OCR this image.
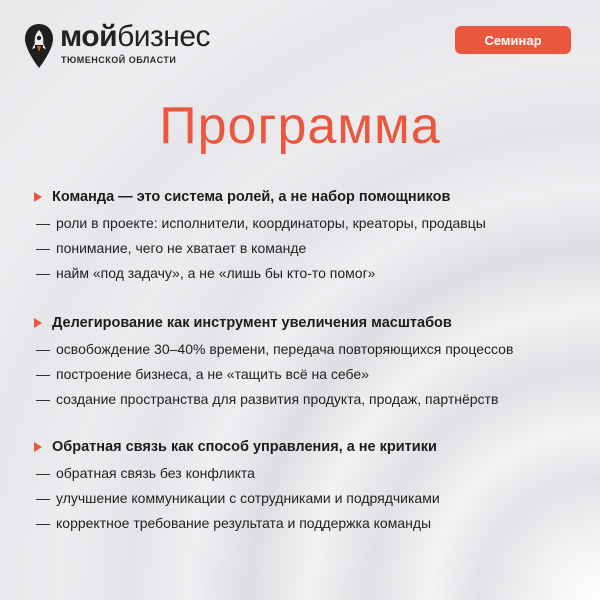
мойбизнес
ТЮМЕНСКОЙ ОБЛАСТИ
Семинар
Программа
Команда — это система ролей, а не набор помощников
— роли в проекте: исполнители, координаторы, креаторы, продавцы
— понимание, чего не хватает в команде
— найм «под задачу», а не «лишь бы кто-то помог»
Делегирование как инструмент увеличения масштабов
— освобождение 30–40% времени, передача повторяющихся процессов
— построение бизнеса, а не «тащить всё на себе»
— создание пространства для развития продукта, продаж, партнёрств
Обратная связь как способ управления, а не критики
— обратная связь без конфликта
— улучшение коммуникации с сотрудниками и подрядчиками
— корректное требование результата и поддержка команды
